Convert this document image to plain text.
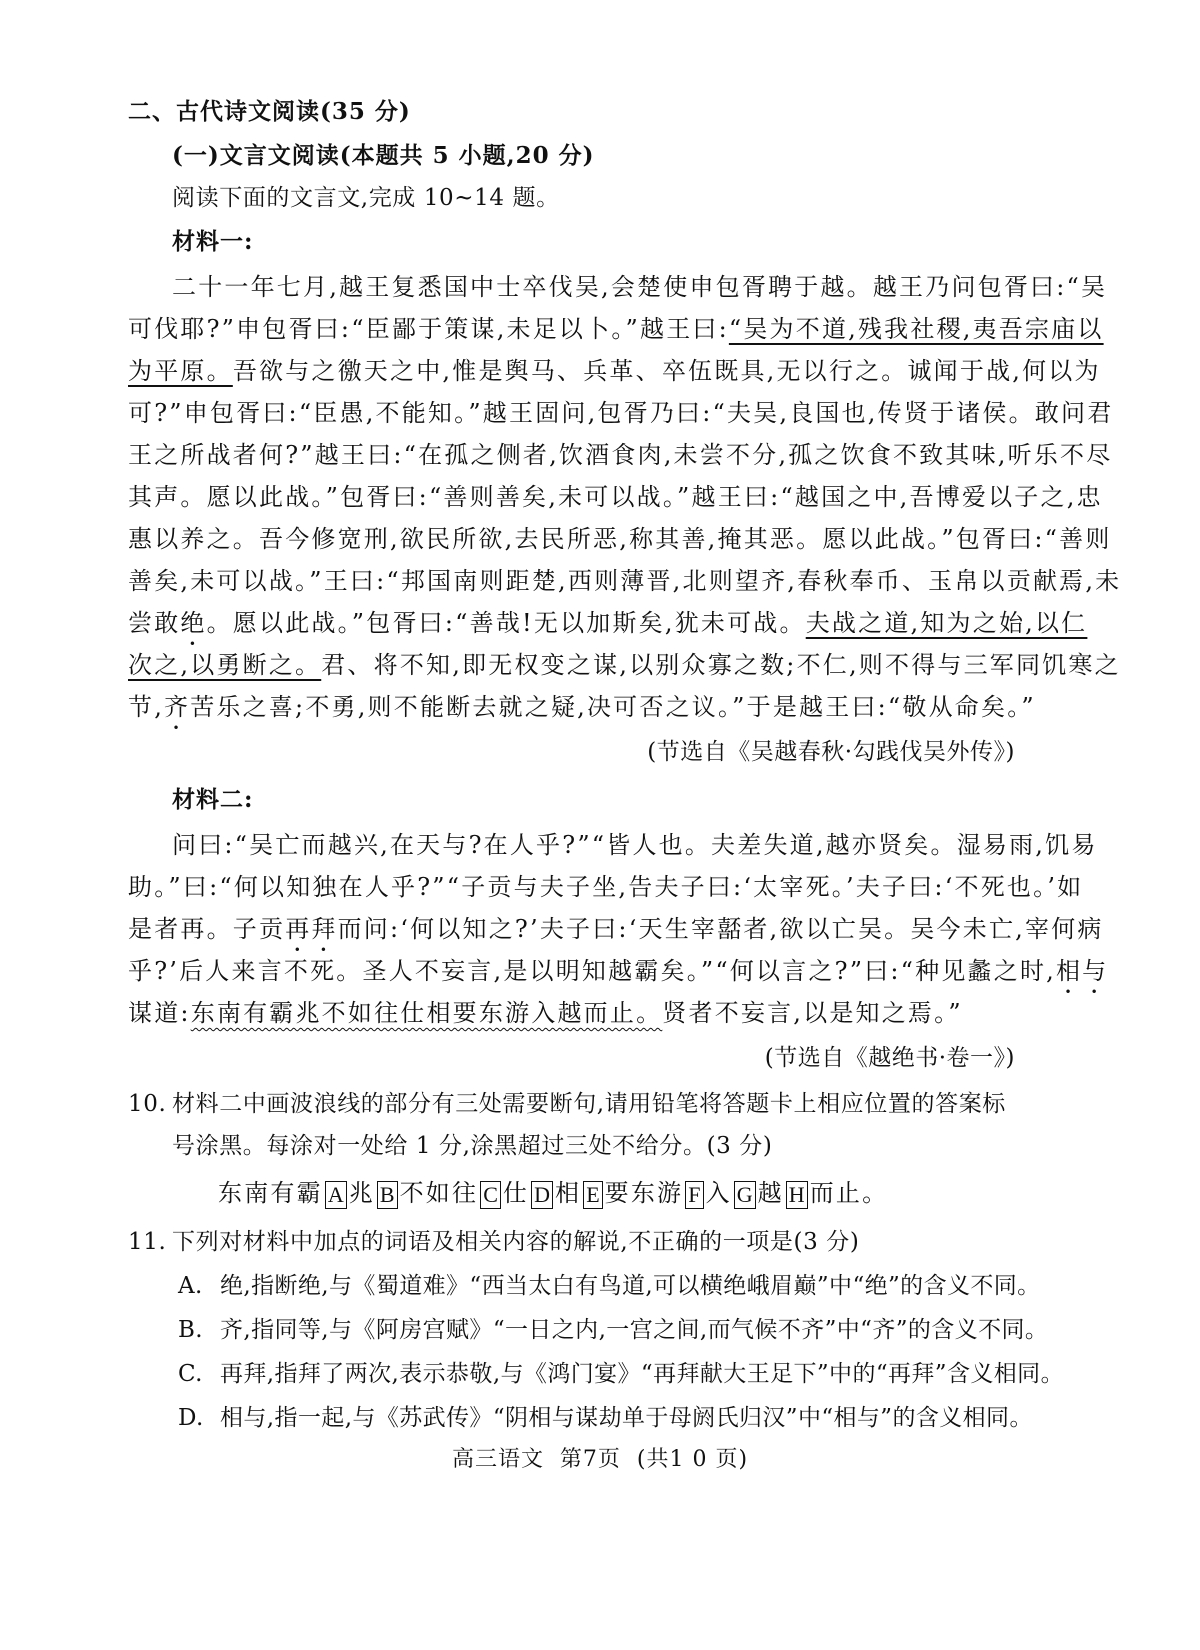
二、古代诗文阅读(35 分)
(一)文言文阅读(本题共 5 小题,20 分)
阅读下面的文言文,完成 10~14 题。
材料一:
二十一年七月,越王复悉国中士卒伐吴,会楚使申包胥聘于越。越王乃问包胥曰:“吴
可伐耶?”申包胥曰:“臣鄙于策谋,未足以卜。”越王曰:“吴为不道,残我社稷,夷吾宗庙以
为平原。吾欲与之徼天之中,惟是舆马、兵革、卒伍既具,无以行之。诚闻于战,何以为
可?”申包胥曰:“臣愚,不能知。”越王固问,包胥乃曰:“夫吴,良国也,传贤于诸侯。敢问君
王之所战者何?”越王曰:“在孤之侧者,饮酒食肉,未尝不分,孤之饮食不致其味,听乐不尽
其声。愿以此战。”包胥曰:“善则善矣,未可以战。”越王曰:“越国之中,吾博爱以子之,忠
惠以养之。吾今修宽刑,欲民所欲,去民所恶,称其善,掩其恶。愿以此战。”包胥曰:“善则
善矣,未可以战。”王曰:“邦国南则距楚,西则薄晋,北则望齐,春秋奉币、玉帛以贡献焉,未
尝敢绝。愿以此战。”包胥曰:“善哉!无以加斯矣,犹未可战。夫战之道,知为之始,以仁
次之,以勇断之。君、将不知,即无权变之谋,以别众寡之数;不仁,则不得与三军同饥寒之
节,齐苦乐之喜;不勇,则不能断去就之疑,决可否之议。”于是越王曰:“敬从命矣。”
(节选自《吴越春秋·勾践伐吴外传》)
材料二:
问曰:“吴亡而越兴,在天与?在人乎?”“皆人也。夫差失道,越亦贤矣。湿易雨,饥易
助。”曰:“何以知独在人乎?”“子贡与夫子坐,告夫子曰:‘太宰死。’夫子曰:‘不死也。’如
是者再。子贡再拜而问:‘何以知之?’夫子曰:‘天生宰嚭者,欲以亡吴。吴今未亡,宰何病
乎?’后人来言不死。圣人不妄言,是以明知越霸矣。”“何以言之?”曰:“种见蠡之时,相与
谋道:东南有霸兆不如往仕相要东游入越而止。贤者不妄言,以是知之焉。”
(节选自《越绝书·卷一》)
10. 材料二中画波浪线的部分有三处需要断句,请用铅笔将答题卡上相应位置的答案标
号涂黑。每涂对一处给 1 分,涂黑超过三处不给分。(3 分)
东南有霸 A 兆 B 不如往 C 仕 D 相 E 要东游 F 入 G 越 H 而止。
11. 下列对材料中加点的词语及相关内容的解说,不正确的一项是(3 分)
A. 绝,指断绝,与《蜀道难》“西当太白有鸟道,可以横绝峨眉巅”中“绝”的含义不同。
B. 齐,指同等,与《阿房宫赋》“一日之内,一宫之间,而气候不齐”中“齐”的含义不同。
C. 再拜,指拜了两次,表示恭敬,与《鸿门宴》“再拜献大王足下”中的“再拜”含义相同。
D. 相与,指一起,与《苏武传》“阴相与谋劫单于母阏氏归汉”中“相与”的含义相同。
高三语文  第7页  (共1 0 页)
